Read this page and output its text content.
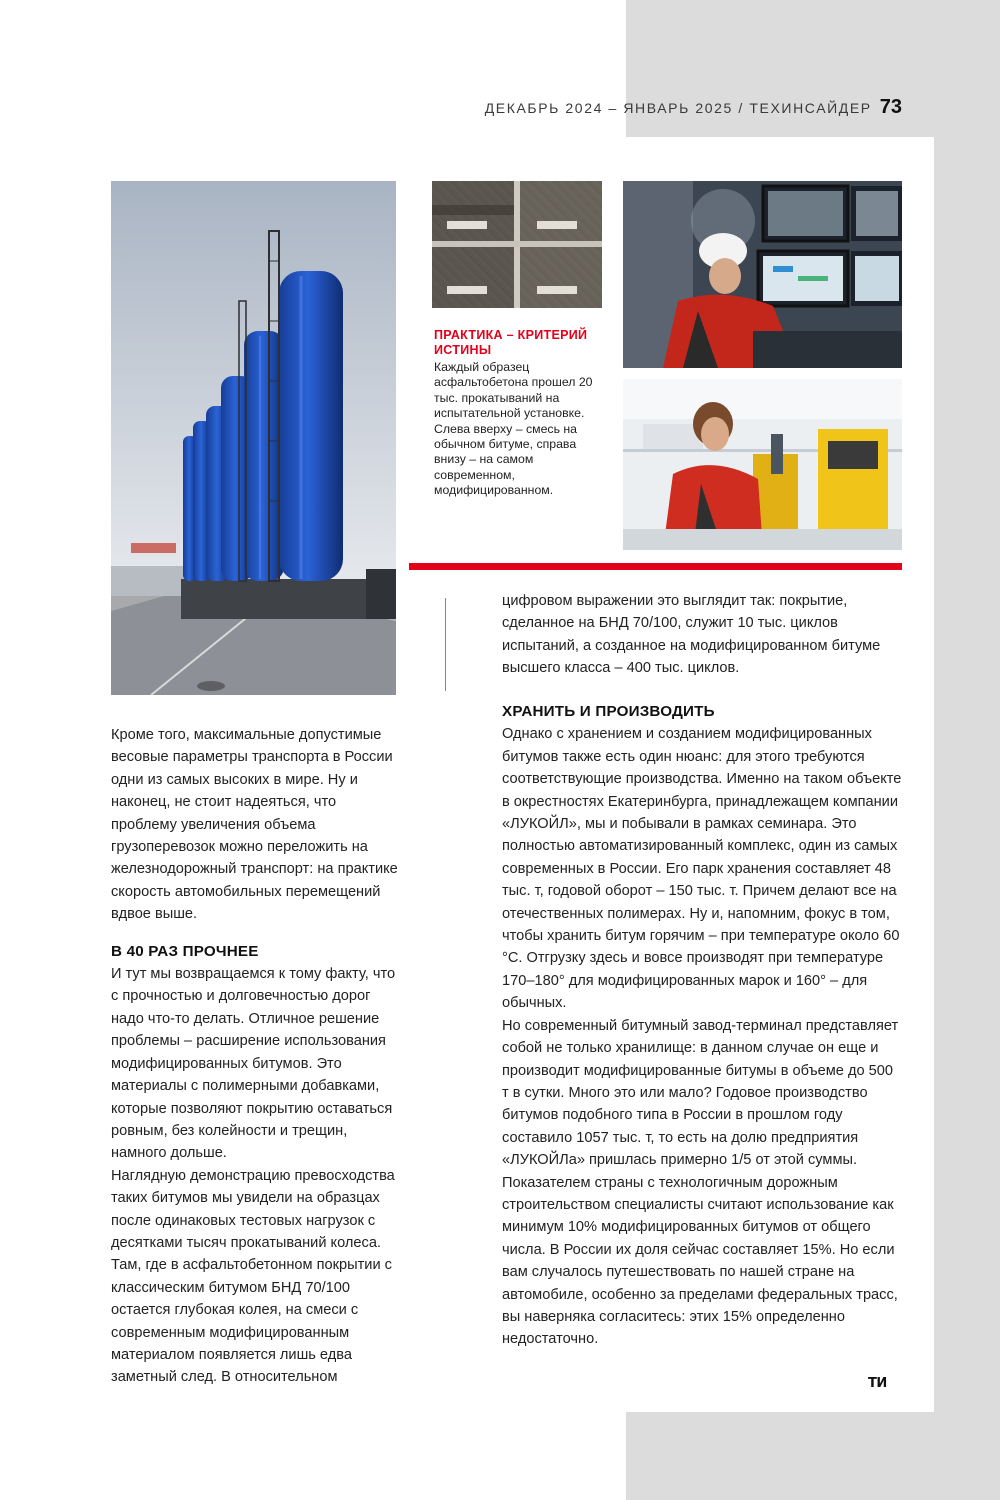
ДЕКАБРЬ 2024 – ЯНВАРЬ 2025 / ТЕХИНСАЙДЕР 73

ПРАКТИКА – КРИТЕРИЙ ИСТИНЫ

Каждый образец асфальтобетона прошел 20 тыс. прокатываний на испытательной установке. Слева вверху – смесь на обычном битуме, справа внизу – на самом современном, модифицированном.

Кроме того, максимальные допустимые весовые параметры транспорта в России одни из самых высоких в мире. Ну и наконец, не стоит надеяться, что проблему увеличения объема грузоперевозок можно переложить на железнодорожный транспорт: на практике скорость автомобильных перемещений вдвое выше.

В 40 РАЗ ПРОЧНЕЕ

И тут мы возвращаемся к тому факту, что с прочностью и долговечностью дорог надо что-то делать. Отличное решение проблемы – расширение использования модифицированных битумов. Это материалы с полимерными добавками, которые позволяют покрытию оставаться ровным, без колейности и трещин, намного дольше.

Наглядную демонстрацию превосходства таких битумов мы увидели на образцах после одинаковых тестовых нагрузок с десятками тысяч прокатываний колеса. Там, где в асфальтобетонном покрытии с классическим битумом БНД 70/100 остается глубокая колея, на смеси с современным модифицированным материалом появляется лишь едва заметный след. В относительном

цифровом выражении это выглядит так: покрытие, сделанное на БНД 70/100, служит 10 тыс. циклов испытаний, а созданное на модифицированном битуме высшего класса – 400 тыс. циклов.

ХРАНИТЬ И ПРОИЗВОДИТЬ

Однако с хранением и созданием модифицированных битумов также есть один нюанс: для этого требуются соответствующие производства. Именно на таком объекте в окрестностях Екатеринбурга, принадлежащем компании «ЛУКОЙЛ», мы и побывали в рамках семинара. Это полностью автоматизированный комплекс, один из самых современных в России. Его парк хранения составляет 48 тыс. т, годовой оборот – 150 тыс. т. Причем делают все на отечественных полимерах. Ну и, напомним, фокус в том, чтобы хранить битум горячим – при температуре около 60 °С. Отгрузку здесь и вовсе производят при температуре 170–180° для модифицированных марок и 160° – для обычных.

Но современный битумный завод-терминал представляет собой не только хранилище: в данном случае он еще и производит модифицированные битумы в объеме до 500 т в сутки. Много это или мало? Годовое производство битумов подобного типа в России в прошлом году составило 1057 тыс. т, то есть на долю предприятия «ЛУКОЙЛа» пришлась примерно 1/5 от этой суммы.

Показателем страны с технологичным дорожным строительством специалисты считают использование как минимум 10% модифицированных битумов от общего числа. В России их доля сейчас составляет 15%. Но если вам случалось путешествовать по нашей стране на автомобиле, особенно за пределами федеральных трасс, вы наверняка согласитесь: этих 15% определенно недостаточно.

ТИ
